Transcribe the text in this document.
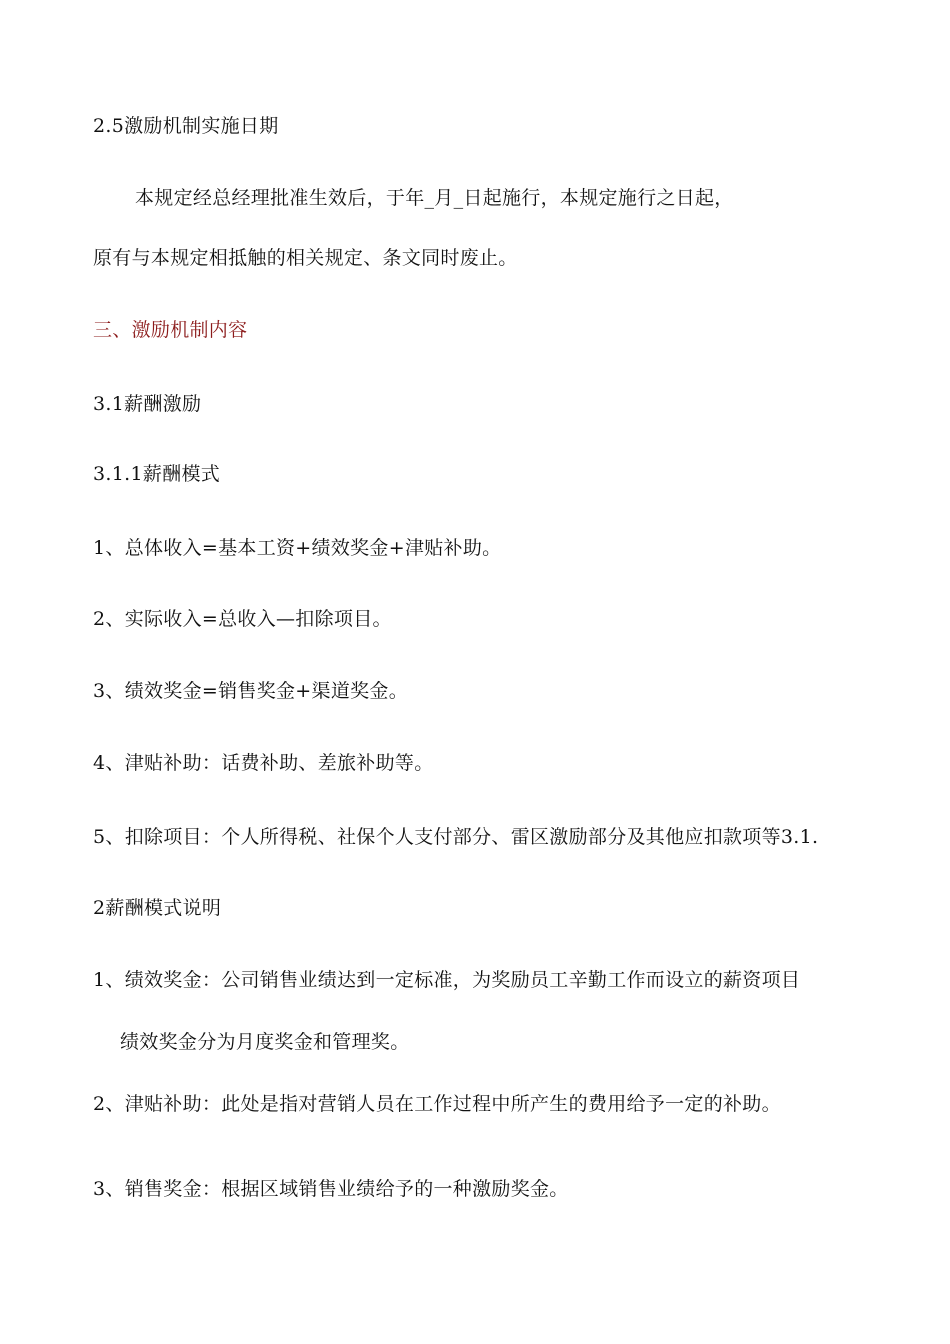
2.5激励机制实施日期
本规定经总经理批准生效后，于年_月_日起施行，本规定施行之日起，
原有与本规定相抵触的相关规定、条文同时废止。
三、激励机制内容
3.1薪酬激励
3.1.1薪酬模式
1、总体收入=基本工资+绩效奖金+津贴补助。
2、实际收入=总收入—扣除项目。
3、绩效奖金=销售奖金+渠道奖金。
4、津贴补助：话费补助、差旅补助等。
5、扣除项目：个人所得税、社保个人支付部分、雷区激励部分及其他应扣款项等3.1.
2薪酬模式说明
1、绩效奖金：公司销售业绩达到一定标准，为奖励员工辛勤工作而设立的薪资项目
绩效奖金分为月度奖金和管理奖。
2、津贴补助：此处是指对营销人员在工作过程中所产生的费用给予一定的补助。
3、销售奖金：根据区域销售业绩给予的一种激励奖金。
